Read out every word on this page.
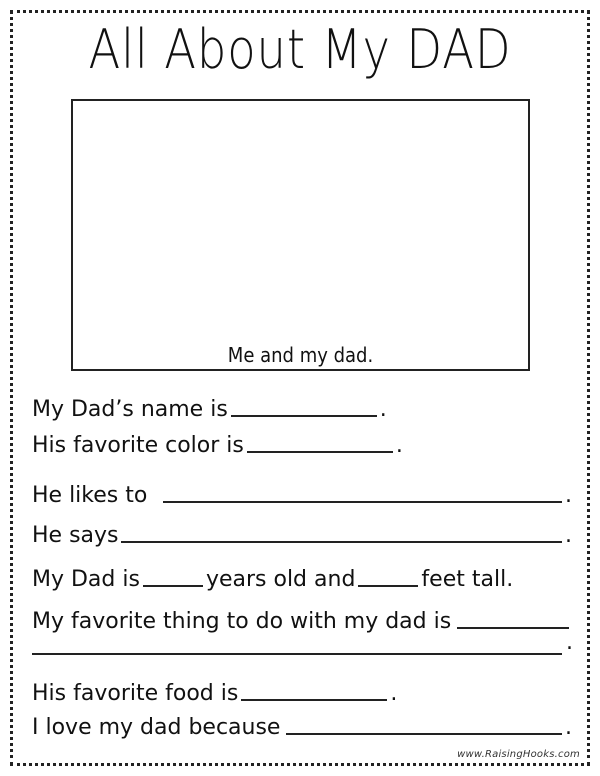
All About My DAD
Me and my dad.
My Dad’s name is	.
His favorite color is	.
He likes to	.
He says	.
My Dad is	years old and	feet tall.
My favorite thing to do with my dad is
.
His favorite food is	.
I love my dad because	.
www.RaisingHooks.com
